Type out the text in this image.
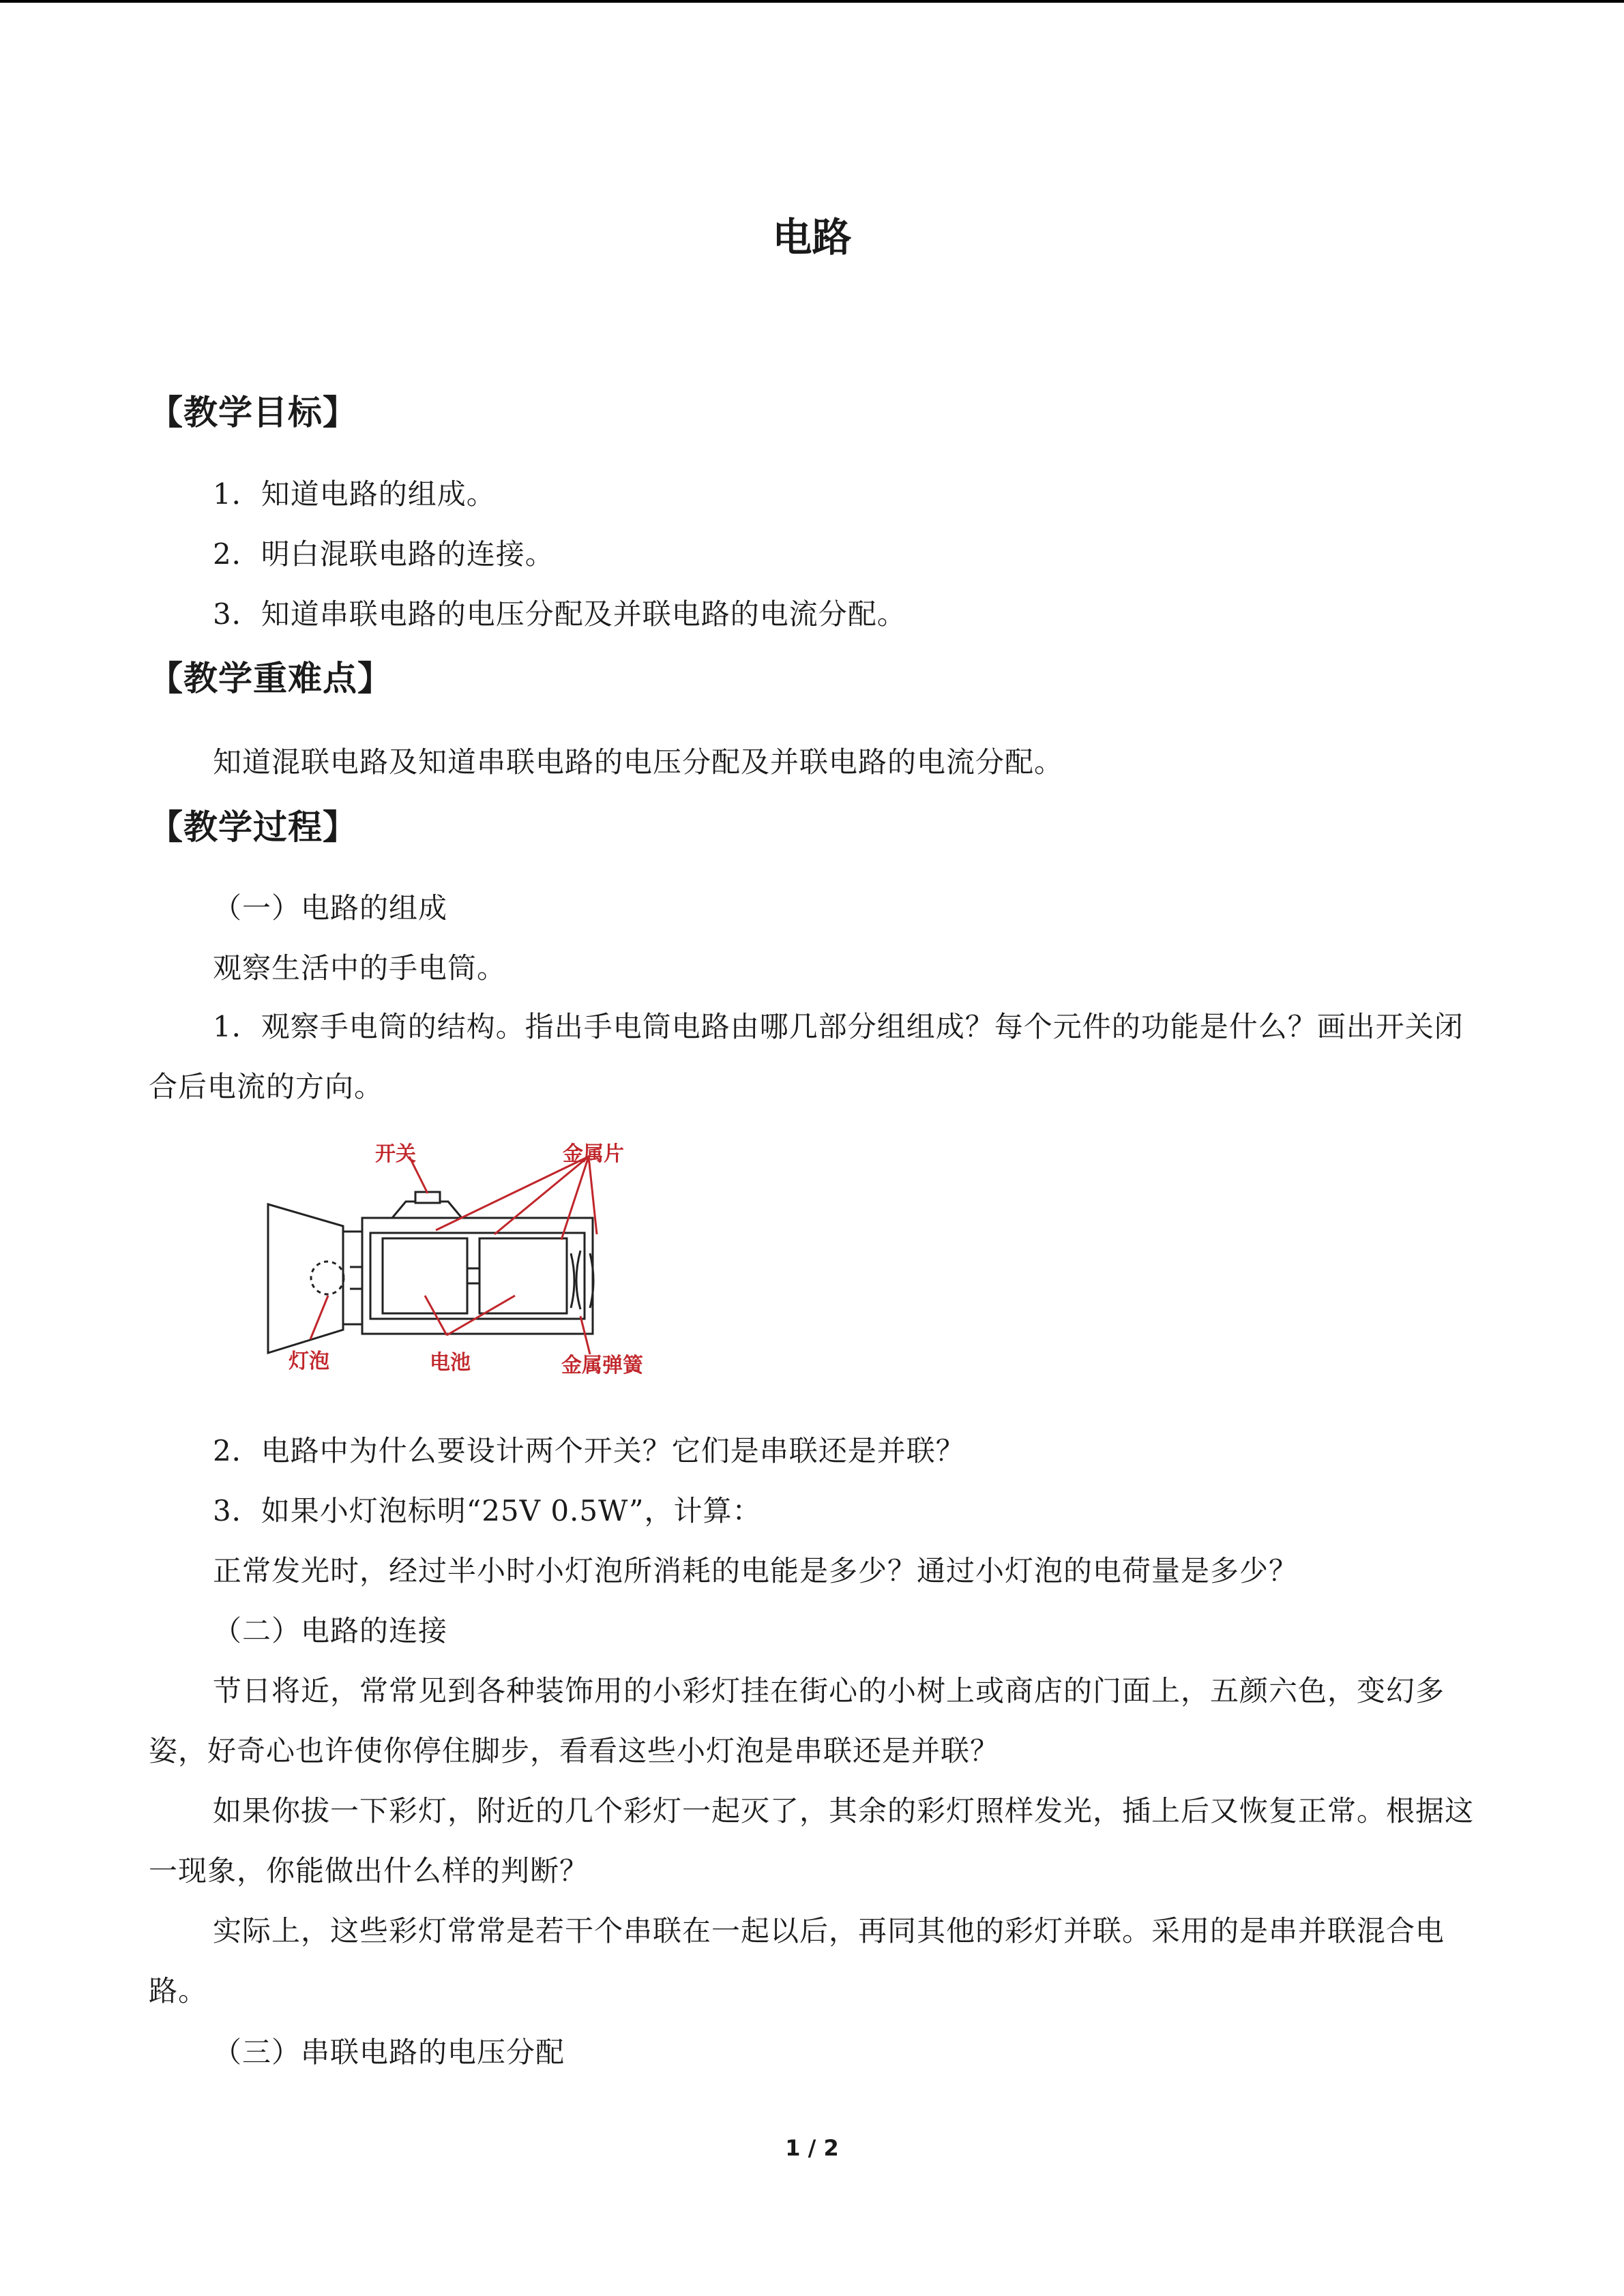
电路
【教学目标】

1．知道电路的组成。

2．明白混联电路的连接。

3．知道串联电路的电压分配及并联电路的电流分配。

【教学重难点】

知道混联电路及知道串联电路的电压分配及并联电路的电流分配。

【教学过程】

（一）电路的组成

观察生活中的手电筒。

1．观察手电筒的结构。指出手电筒电路由哪几部分组组成？每个元件的功能是什么？画出开关闭合后电流的方向。

开关	金属片
灯泡	电池	金属弹簧

2．电路中为什么要设计两个开关？它们是串联还是并联？

3．如果小灯泡标明“25V 0.5W”，计算：

正常发光时，经过半小时小灯泡所消耗的电能是多少？通过小灯泡的电荷量是多少？

（二）电路的连接

节日将近，常常见到各种装饰用的小彩灯挂在街心的小树上或商店的门面上，五颜六色，变幻多姿，好奇心也许使你停住脚步，看看这些小灯泡是串联还是并联？

如果你拔一下彩灯，附近的几个彩灯一起灭了，其余的彩灯照样发光，插上后又恢复正常。根据这一现象，你能做出什么样的判断？

实际上，这些彩灯常常是若干个串联在一起以后，再同其他的彩灯并联。采用的是串并联混合电路。

（三）串联电路的电压分配

1 / 2
